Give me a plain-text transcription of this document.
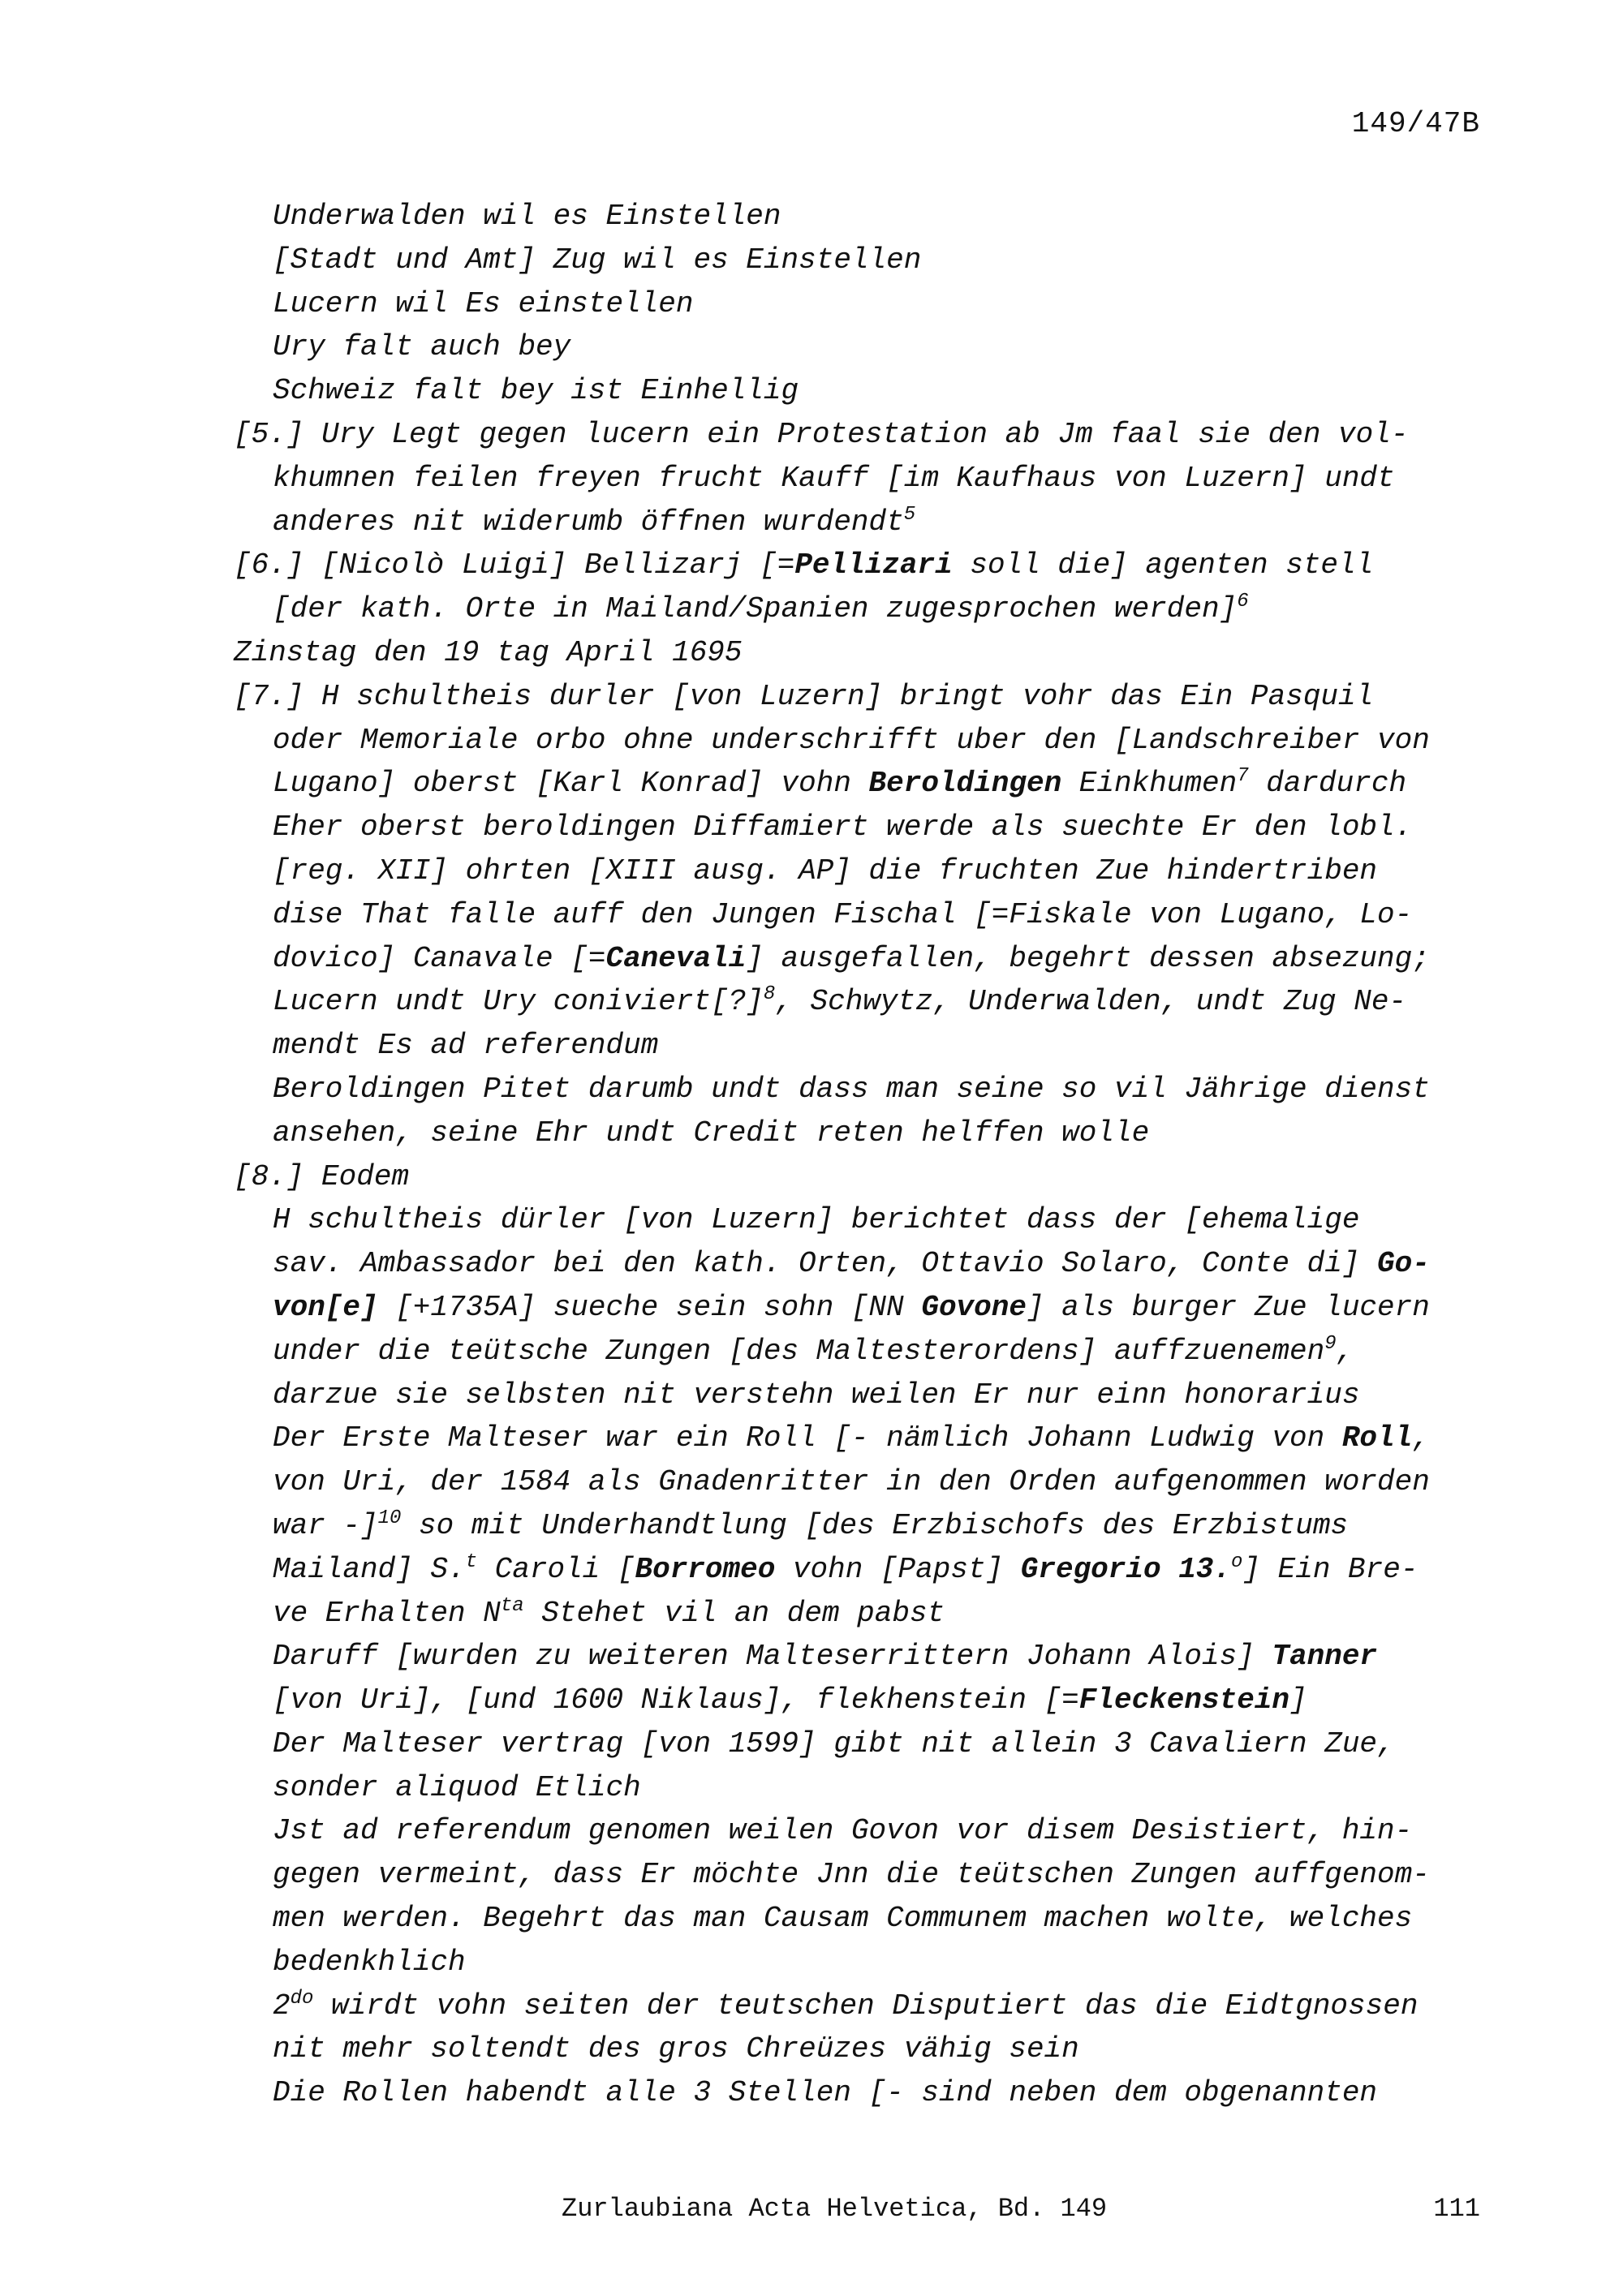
149/47B
Underwalden wil es Einstellen
[Stadt und Amt] Zug wil es Einstellen
Lucern wil Es einstellen
Ury falt auch bey
Schweiz falt bey ist Einhellig
[5.] Ury Legt gegen lucern ein Protestation ab Jm faal sie den vol-
khumnen feilen freyen frucht Kauff [im Kaufhaus von Luzern] undt
anderes nit widerumb öffnen wurdendt$^5$
[6.] [Nicolò Luigi] Bellizarj [=Pellizari soll die] agenten stell
[der kath. Orte in Mailand/Spanien zugesprochen werden]$^6$
Zinstag den 19 tag April 1695
[7.] H schultheis durler [von Luzern] bringt vohr das Ein Pasquil
oder Memoriale orbo ohne underschrifft uber den [Landschreiber von
Lugano] oberst [Karl Konrad] vohn Beroldingen Einkhumen$^7$ dardurch
Eher oberst beroldingen Diffamiert werde als suechte Er den lobl.
[reg. XII] ohrten [XIII ausg. AP] die fruchten Zue hindertriben
dise That falle auff den Jungen Fischal [=Fiskale von Lugano, Lo-
dovico] Canavale [=Canevali] ausgefallen, begehrt dessen absezung;
Lucern undt Ury coniviert[?]$^8$, Schwytz, Underwalden, undt Zug Ne-
mendt Es ad referendum
Beroldingen Pitet darumb undt dass man seine so vil Jährige dienst
ansehen, seine Ehr undt Credit reten helffen wolle
[8.] Eodem
H schultheis dürler [von Luzern] berichtet dass der [ehemalige
sav. Ambassador bei den kath. Orten, Ottavio Solaro, Conte di] Go-
von[e] [+1735A] sueche sein sohn [NN Govone] als burger Zue lucern
under die teütsche Zungen [des Maltesterordens] auffzuenemen$^9$,
darzue sie selbsten nit verstehn weilen Er nur einn honorarius
Der Erste Malteser war ein Roll [- nämlich Johann Ludwig von Roll,
von Uri, der 1584 als Gnadenritter in den Orden aufgenommen worden
war -]$^{10}$ so mit Underhandtlung [des Erzbischofs des Erzbistums
Mailand] S.$^t$ Caroli [Borromeo vohn [Papst] Gregorio 13.$^o$] Ein Bre-
ve Erhalten $N^{ta}$ Stehet vil an dem pabst
Daruff [wurden zu weiteren Malteserrittern Johann Alois] Tanner
[von Uri], [und 1600 Niklaus], flekhenstein [=Fleckenstein]
Der Malteser vertrag [von 1599] gibt nit allein 3 Cavaliern Zue,
sonder aliquod Etlich
Jst ad referendum genomen weilen Govon vor disem Desistiert, hin-
gegen vermeint, dass Er möchte Jnn die teütschen Zungen auffgenom-
men werden. Begehrt das man Causam Communem machen wolte, welches
bedenkhlich
$2^{do}$ wirdt vohn seiten der teutschen Disputiert das die Eidtgnossen
nit mehr soltendt des gros Chreüzes vähig sein
Die Rollen habendt alle 3 Stellen [- sind neben dem obgenannten
Zurlaubiana Acta Helvetica, Bd. 149	111
